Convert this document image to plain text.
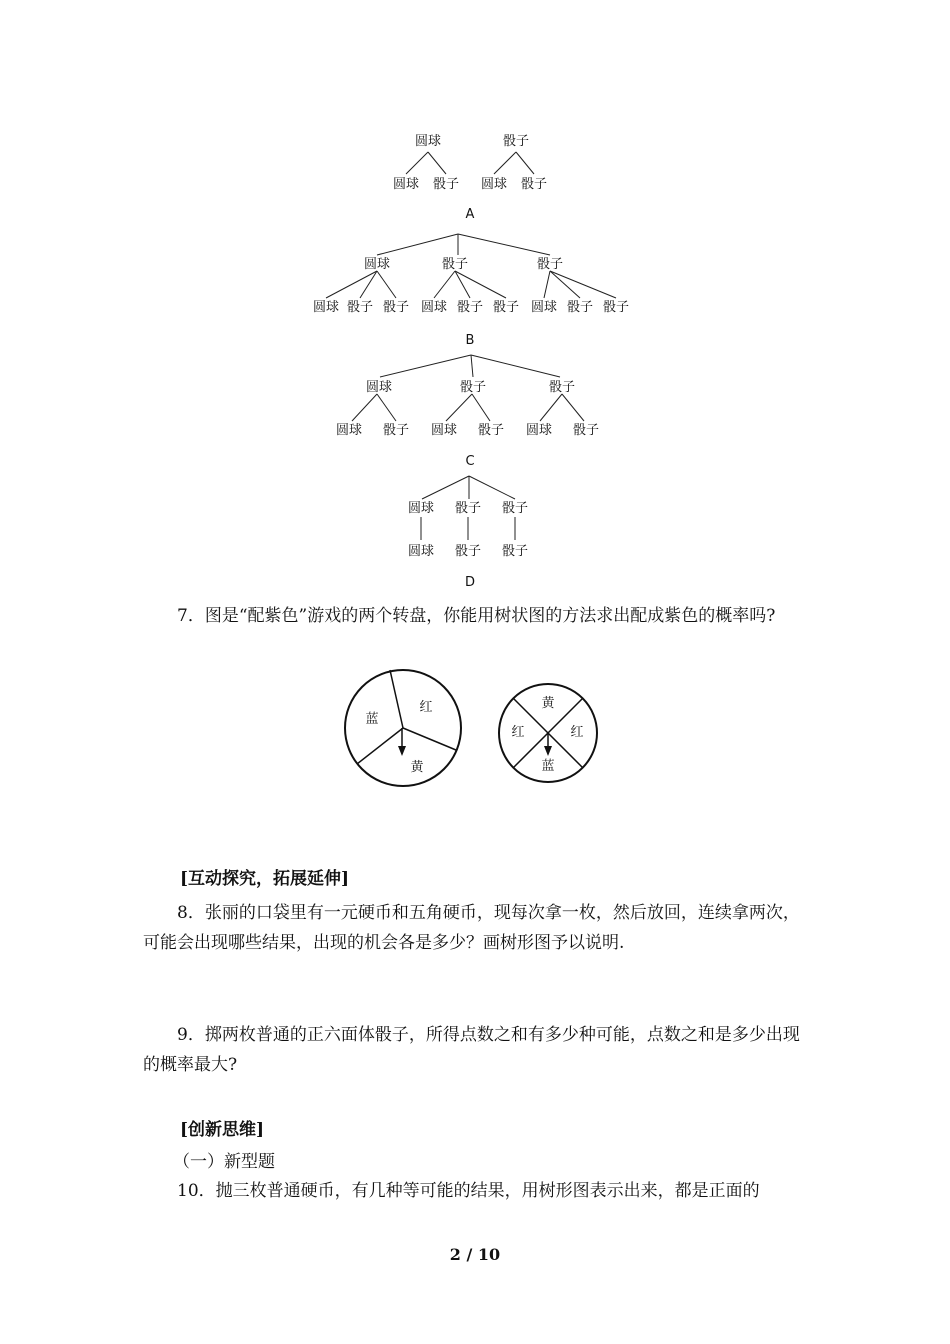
圆球	骰子
圆球 骰子 圆球 骰子
A
圆球	骰子	骰子
圆球 骰子 骰子 圆球 骰子 骰子 圆球 骰子 骰子
B
圆球	骰子	骰子
圆球 骰子 圆球 骰子 圆球 骰子
C
圆球 骰子 骰子
圆球 骰子 骰子
D
蓝
红
黄
黄
红	红
蓝

7．图是“配紫色”游戏的两个转盘，你能用树状图的方法求出配成紫色的概率吗?

[互动探究，拓展延伸]

8．张丽的口袋里有一元硬币和五角硬币，现每次拿一枚，然后放回，连续拿两次，可能会出现哪些结果，出现的机会各是多少？画树形图予以说明.

9．掷两枚普通的正六面体骰子，所得点数之和有多少种可能，点数之和是多少出现的概率最大?

[创新思维]

（一）新型题

10．抛三枚普通硬币，有几种等可能的结果，用树形图表示出来，都是正面的

2 / 10
